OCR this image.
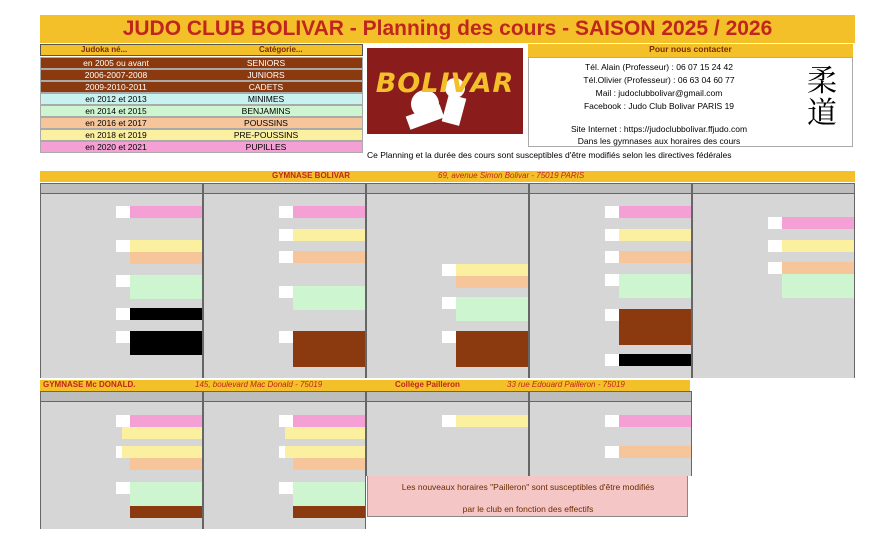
JUDO CLUB BOLIVAR - Planning des cours - SAISON 2025 / 2026
Judoka né...	Catégorie...
BOLIVAR
Pour nous contacter
Tél. Alain (Professeur) : 06 07 15 24 42
Tél.Olivier (Professeur) : 06 63 04 60 77
Mail : judoclubbolivar@gmail.com
Facebook : Judo Club Bolivar PARIS 19
Site Internet : https://judoclubbolivar.ffjudo.com
Dans les gymnases aux horaires des cours
柔
道
Ce Planning et la durée des cours sont susceptibles d'être modifiés selon les directives fédérales
GYMNASE BOLIVAR	69, avenue Simon Bolivar - 75019 PARIS
GYMNASE Mc DONALD.	145, boulevard Mac Donald - 75019	Collège Pailleron	33 rue Edouard Pailleron - 75019
Les nouveaux horaires "Pailleron" sont susceptibles d'être modifiés par le club en fonction des effectifs
en 2005 ou avant	SENIORS
2006-2007-2008	JUNIORS
2009-2010-2011	CADETS
en 2012 et 2013	MINIMES
en 2014 et 2015	BENJAMINS
en 2016 et 2017	POUSSINS
en 2018 et 2019	PRE-POUSSINS
en 2020 et 2021	PUPILLES
